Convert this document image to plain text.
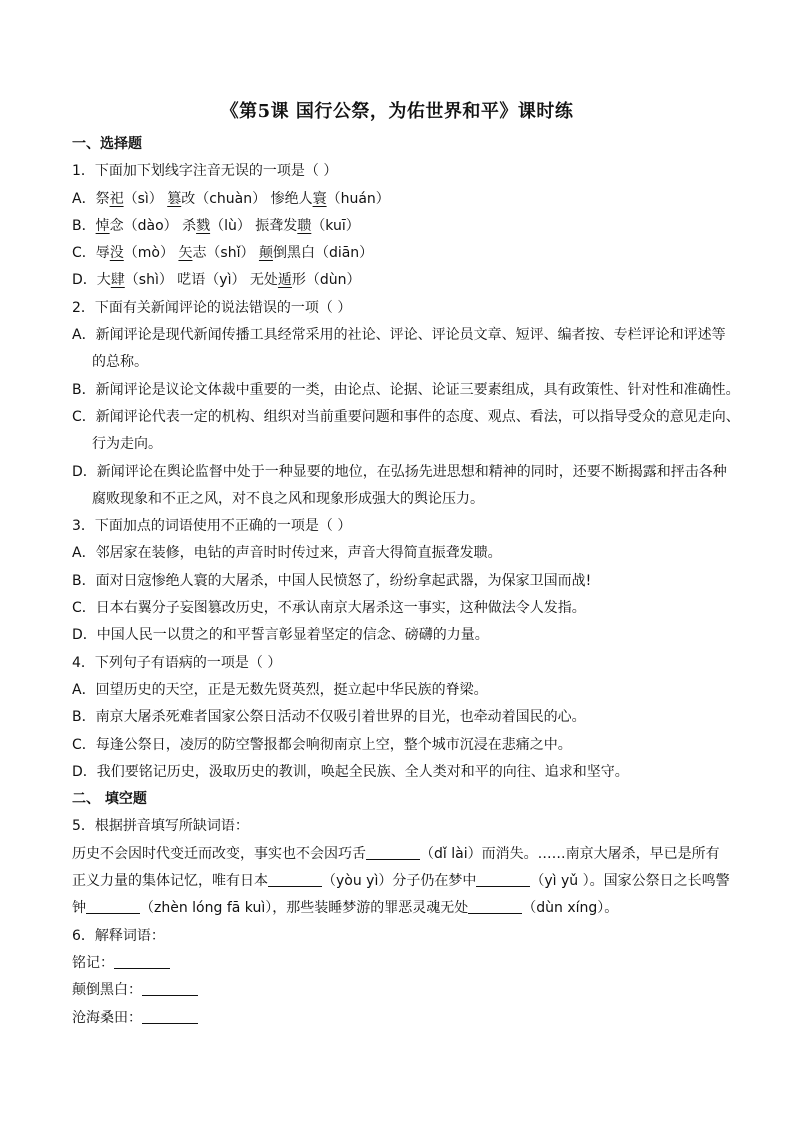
《第5课 国行公祭，为佑世界和平》课时练
一、选择题
1．下面加下划线字注音无误的一项是（ ）
A．祭祀（sì） 篡改（chuàn） 惨绝人寰（huán）
B．悼念（dào） 杀戮（lù） 振聋发聩（kuī）
C．辱没（mò） 矢志（shǐ） 颠倒黑白（diān）
D．大肆（shì） 呓语（yì） 无处遁形（dùn）
2．下面有关新闻评论的说法错误的一项（ ）
A．新闻评论是现代新闻传播工具经常采用的社论、评论、评论员文章、短评、编者按、专栏评论和评述等
的总称。
B．新闻评论是议论文体裁中重要的一类，由论点、论据、论证三要素组成，具有政策性、针对性和准确性。
C．新闻评论代表一定的机构、组织对当前重要问题和事件的态度、观点、看法，可以指导受众的意见走向、
行为走向。
D．新闻评论在舆论监督中处于一种显要的地位，在弘扬先进思想和精神的同时，还要不断揭露和抨击各种
腐败现象和不正之风，对不良之风和现象形成强大的舆论压力。
3．下面加点的词语使用不正确的一项是（ ）
A．邻居家在装修，电钻的声音时时传过来，声音大得简直振聋发聩。
B．面对日寇惨绝人寰的大屠杀，中国人民愤怒了，纷纷拿起武器，为保家卫国而战!
C．日本右翼分子妄图篡改历史，不承认南京大屠杀这一事实，这种做法令人发指。
D．中国人民一以贯之的和平誓言彰显着坚定的信念、磅礴的力量。
4．下列句子有语病的一项是（ ）
A．回望历史的天空，正是无数先贤英烈，挺立起中华民族的脊梁。
B．南京大屠杀死难者国家公祭日活动不仅吸引着世界的目光，也牵动着国民的心。
C．每逢公祭日，凌厉的防空警报都会响彻南京上空，整个城市沉浸在悲痛之中。
D．我们要铭记历史，汲取历史的教训，唤起全民族、全人类对和平的向往、追求和坚守。
二、 填空题
5．根据拼音填写所缺词语：
历史不会因时代变迁而改变，事实也不会因巧舌	（dǐ lài）而消失。……南京大屠杀，早已是所有
正义力量的集体记忆，唯有日本	（yòu yì）分子仍在梦中	（yì yǔ ）。国家公祭日之长鸣警
钟	（zhèn lóng fā kuì），那些装睡梦游的罪恶灵魂无处	（dùn xíng）。
6．解释词语：
铭记：
颠倒黑白：
沧海桑田：
